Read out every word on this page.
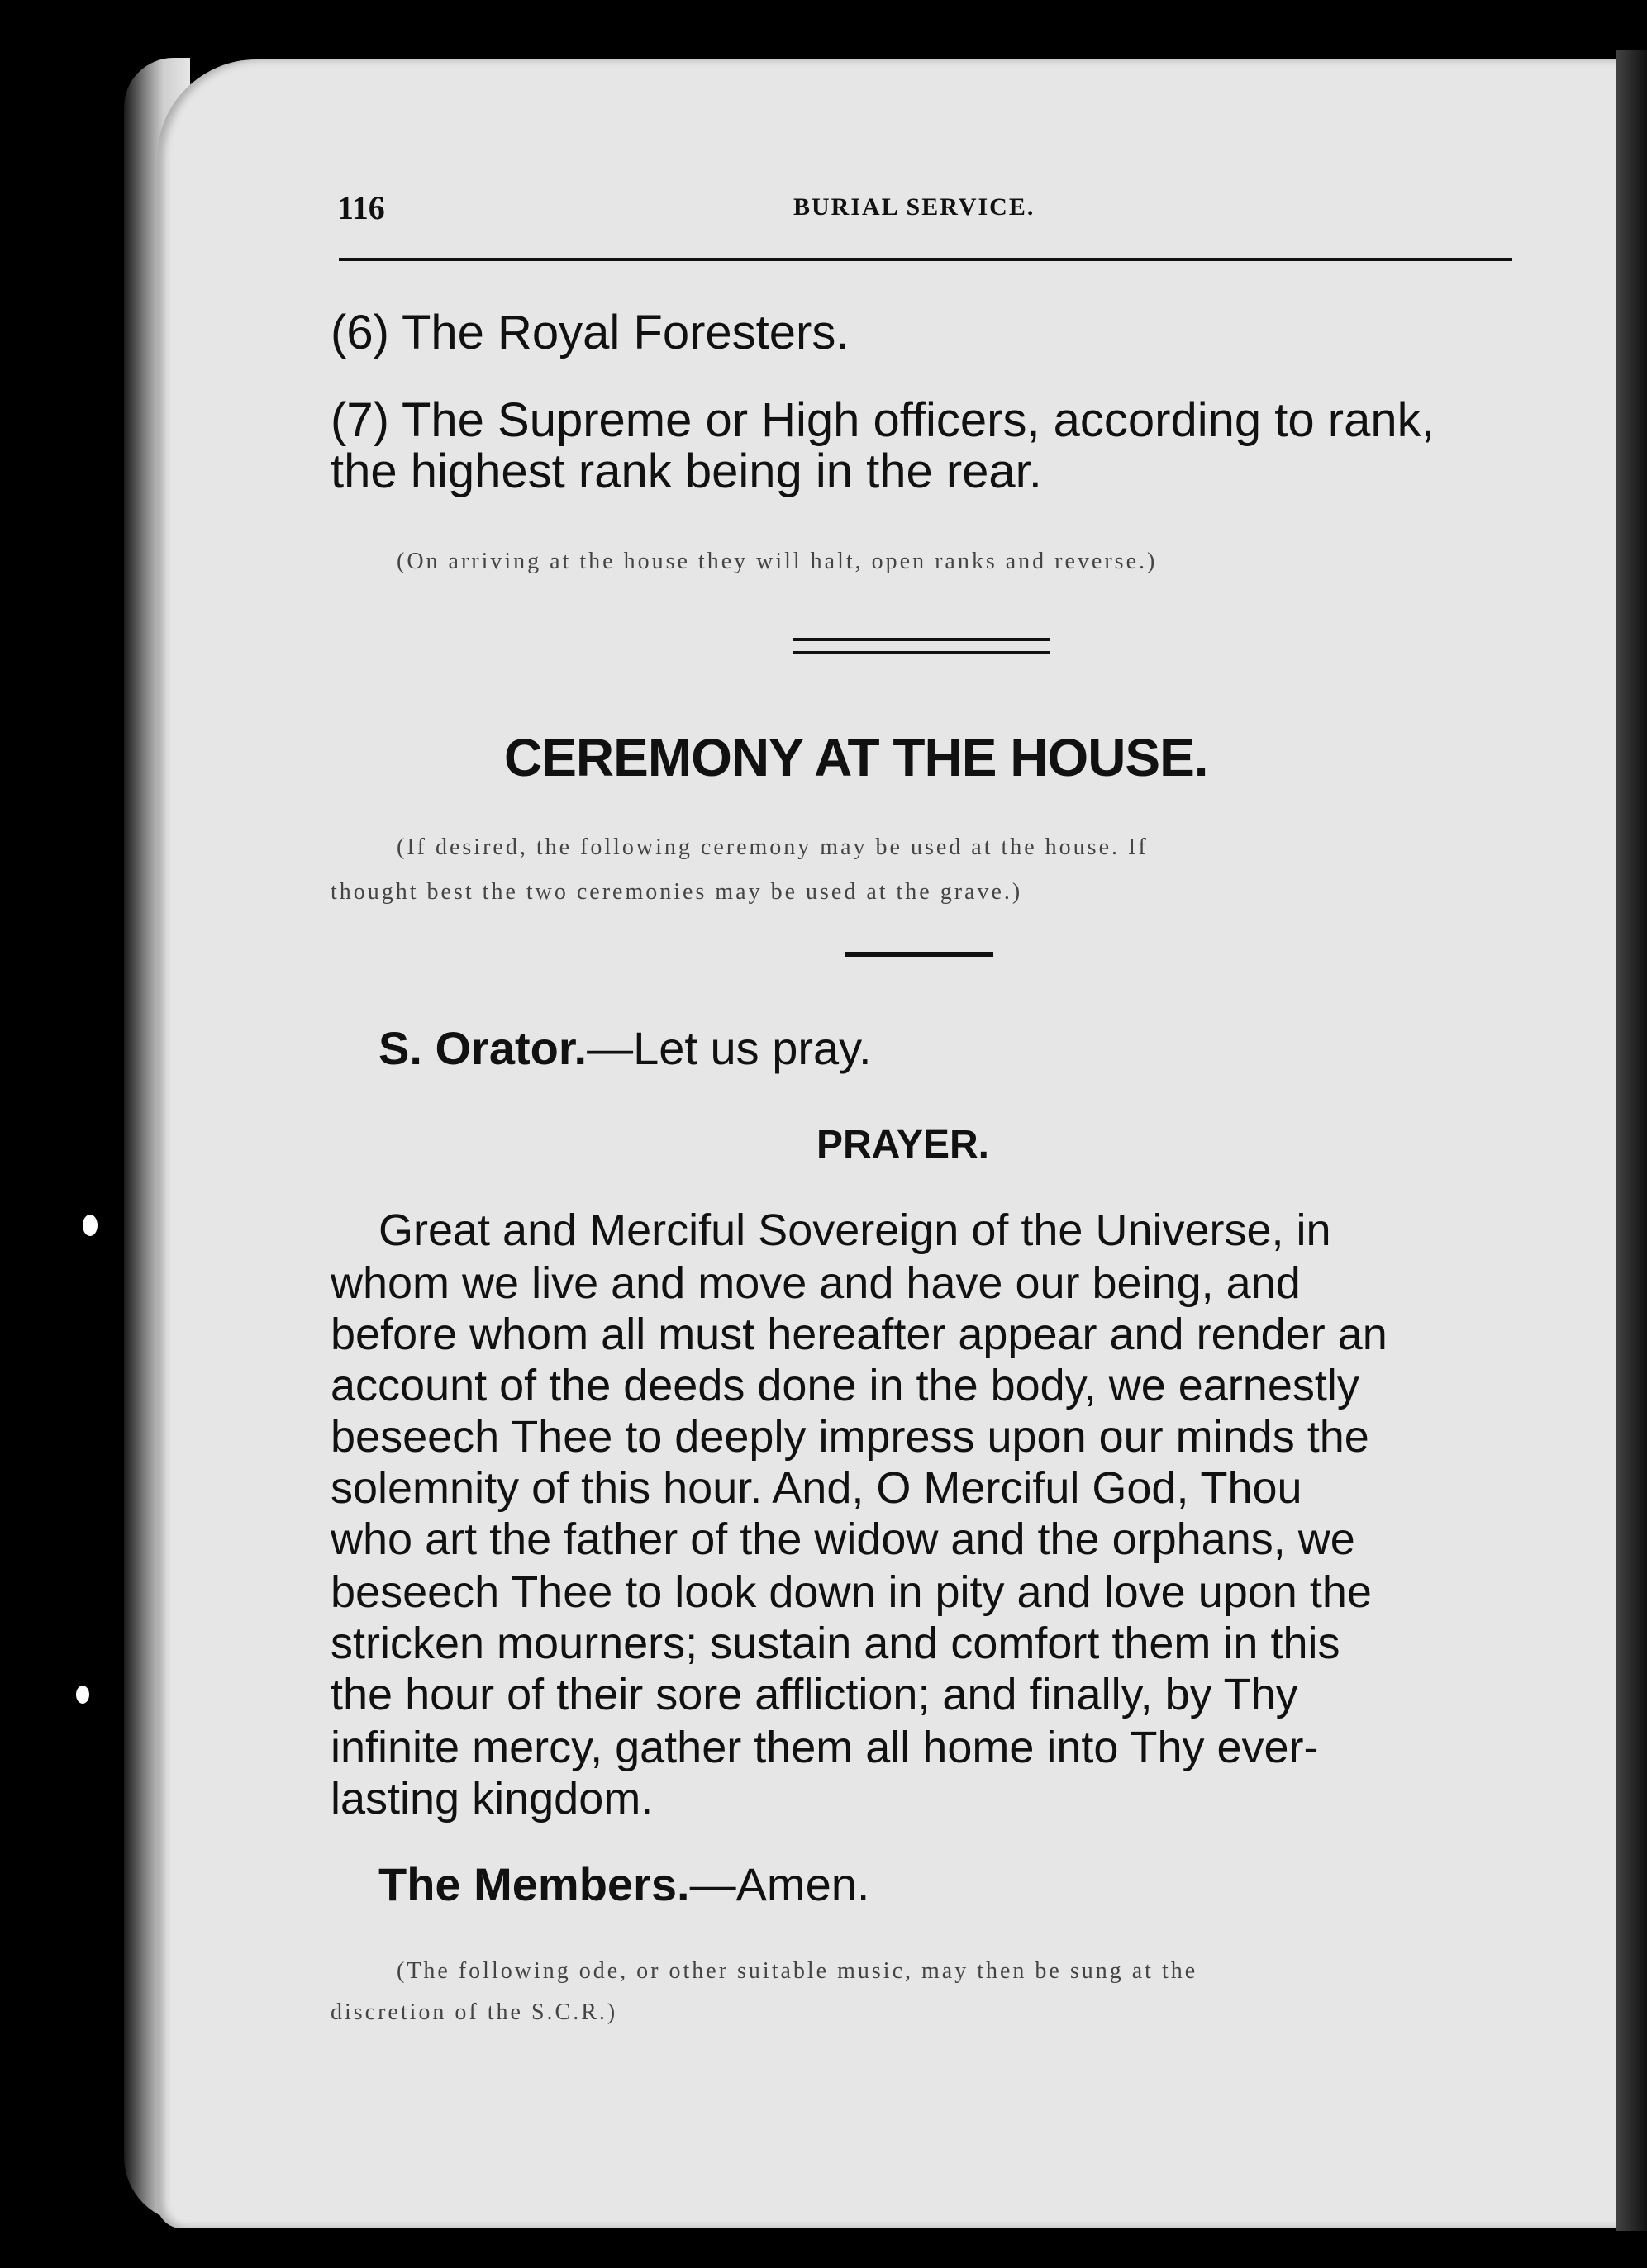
116	BURIAL SERVICE.
(6) The Royal Foresters.
(7) The Supreme or High officers, according to rank,
the highest rank being in the rear.
(On arriving at the house they will halt, open ranks and reverse.)
CEREMONY AT THE HOUSE.
(If desired, the following ceremony may be used at the house. If
thought best the two ceremonies may be used at the grave.)
S. Orator.—Let us pray.
PRAYER.
Great and Merciful Sovereign of the Universe, in
whom we live and move and have our being, and
before whom all must hereafter appear and render an
account of the deeds done in the body, we earnestly
beseech Thee to deeply impress upon our minds the
solemnity of this hour. And, O Merciful God, Thou
who art the father of the widow and the orphans, we
beseech Thee to look down in pity and love upon the
stricken mourners; sustain and comfort them in this
the hour of their sore affliction; and finally, by Thy
infinite mercy, gather them all home into Thy ever-
lasting kingdom.
The Members.—Amen.
(The following ode, or other suitable music, may then be sung at the
discretion of the S.C.R.)
